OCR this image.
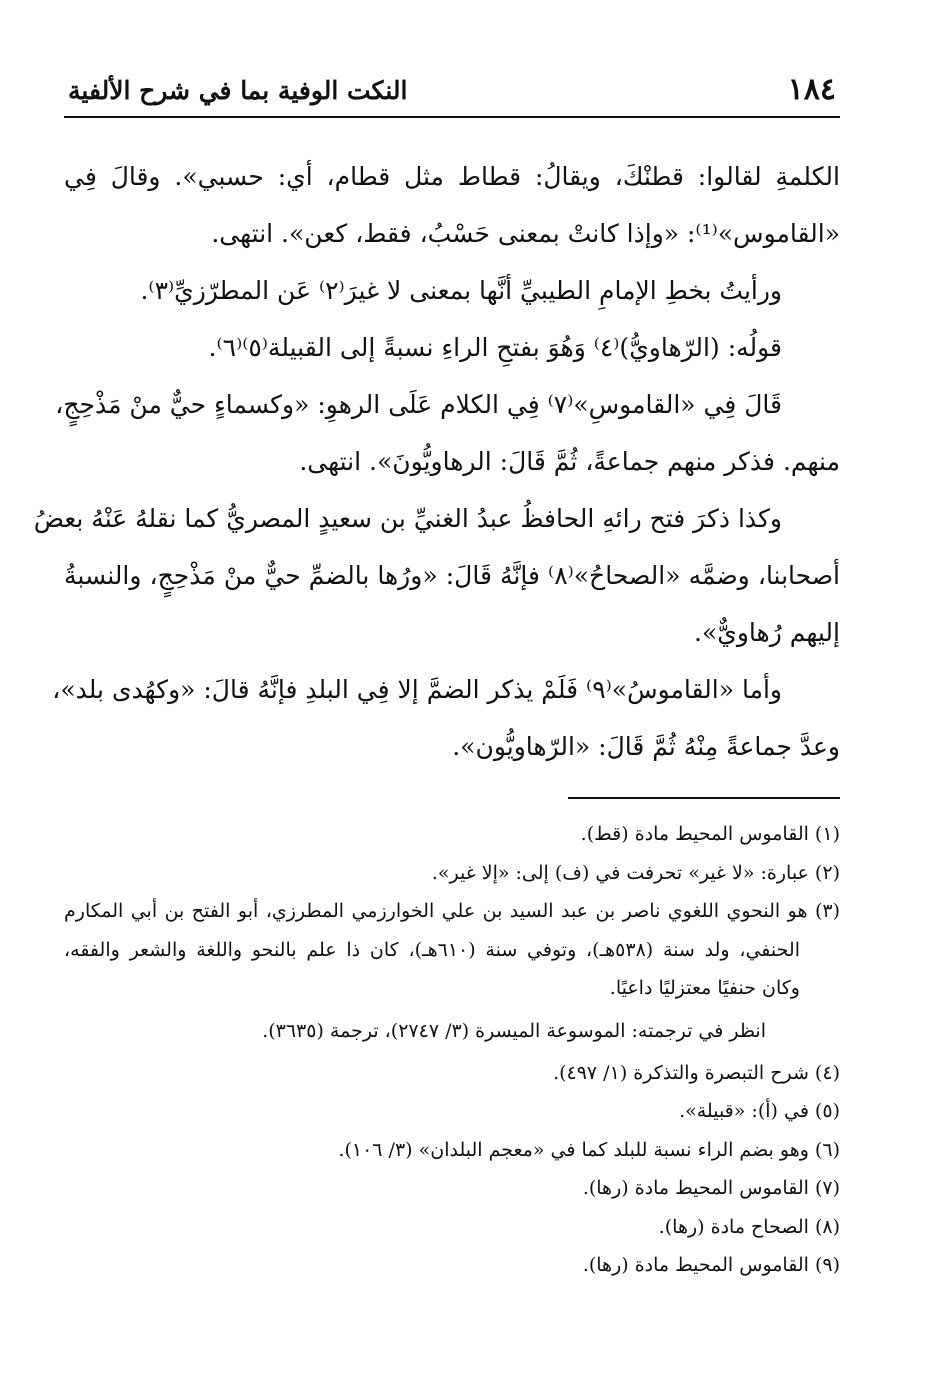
١٨٤
النكت الوفية بما في شرح الألفية
الكلمةِ لقالوا: قطنْكَ، ويقالُ: قطاط مثل قطام، أي: حسبي». وقالَ فِي
«القاموس»⁽¹⁾: «وإذا كانتْ بمعنى حَسْبُ، فقط، كعن». انتهى.
ورأيتُ بخطِ الإمامِ الطيبيِّ أنَّها بمعنى لا غيرَ⁽٢⁾ عَن المطرّزيِّ⁽٣⁾.
قولُه: (الرّهاويُّ)⁽٤⁾ وَهُوَ بفتحِ الراءِ نسبةً إلى القبيلة⁽٥⁾⁽٦⁾.
قَالَ فِي «القاموسِ»⁽٧⁾ فِي الكلام عَلَى الرهوِ: «وكسماءٍ حيٌّ منْ مَذْحِجٍ،
منهم. فذكر منهم جماعةً، ثُمَّ قَالَ: الرهاويُّونَ». انتهى.
وكذا ذكرَ فتح رائهِ الحافظُ عبدُ الغنيِّ بن سعيدٍ المصريُّ كما نقلهُ عَنْهُ بعضُ
أصحابنا، وضمَّه «الصحاحُ»⁽٨⁾ فإنَّهُ قَالَ: «ورُها بالضمِّ حيٌّ منْ مَذْحِجٍ، والنسبةُ
إليهم رُهاويٌّ».
وأما «القاموسُ»⁽٩⁾ فَلَمْ يذكر الضمَّ إلا فِي البلدِ فإنَّهُ قالَ: «وكهُدى بلد»،
وعدَّ جماعةً مِنْهُ ثُمَّ قَالَ: «الرّهاويُّون».
(١) القاموس المحيط مادة (قط).
(٢) عبارة: «لا غير» تحرفت في (ف) إلى: «إلا غير».
(٣) هو النحوي اللغوي ناصر بن عبد السيد بن علي الخوارزمي المطرزي، أبو الفتح بن أبي المكارم
الحنفي، ولد سنة (٥٣٨هـ)، وتوفي سنة (٦١٠هـ)، كان ذا علم بالنحو واللغة والشعر والفقه،
وكان حنفيًا معتزليًا داعيًا.
انظر في ترجمته: الموسوعة الميسرة (٣/ ٢٧٤٧)، ترجمة (٣٦٣٥).
(٤) شرح التبصرة والتذكرة (١/ ٤٩٧).
(٥) في (أ): «قبيلة».
(٦) وهو بضم الراء نسبة للبلد كما في «معجم البلدان» (٣/ ١٠٦).
(٧) القاموس المحيط مادة (رها).
(٨) الصحاح مادة (رها).
(٩) القاموس المحيط مادة (رها).
